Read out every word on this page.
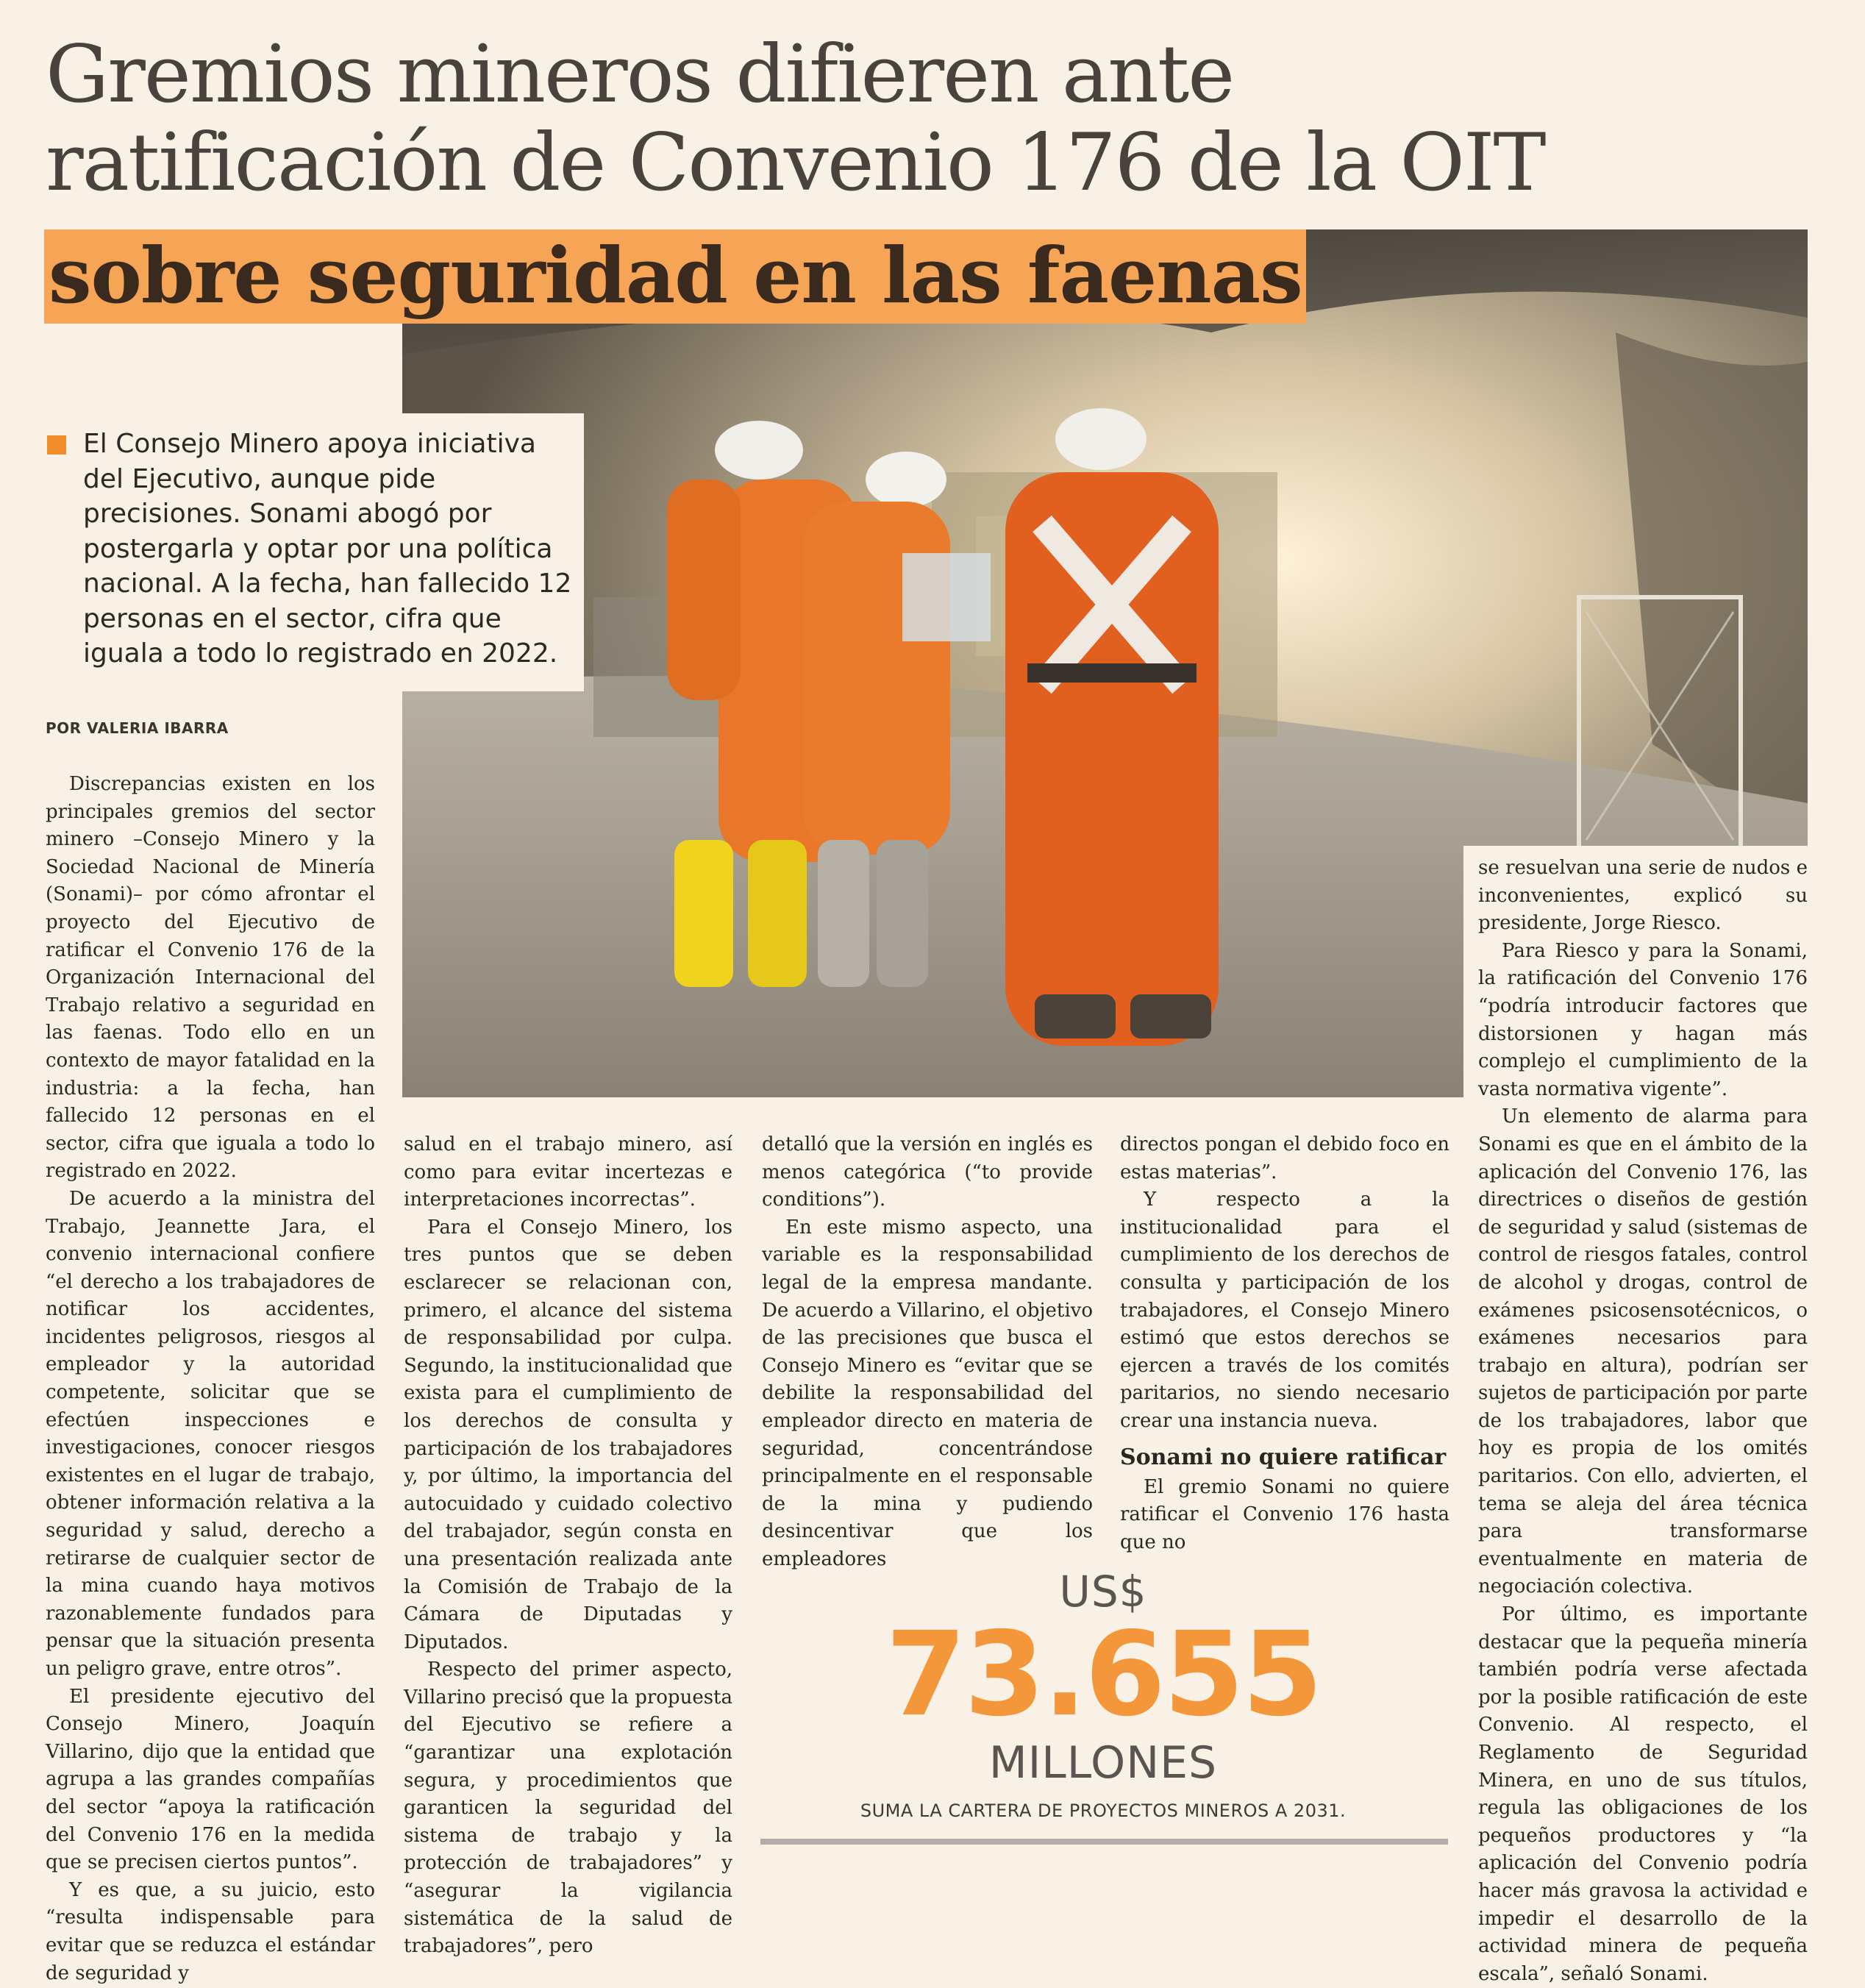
Gremios mineros difieren ante
ratificación de Convenio 176 de la OIT
sobre seguridad en las faenas
El Consejo Minero apoya iniciativa del Ejecutivo, aunque pide precisiones. Sonami abogó por postergarla y optar por una política nacional. A la fecha, han fallecido 12 personas en el sector, cifra que iguala a todo lo registrado en 2022.
POR VALERIA IBARRA

Discrepancias existen en los principales gremios del sector minero –Consejo Minero y la Sociedad Nacional de Minería (Sonami)– por cómo afrontar el proyecto del Ejecutivo de ratificar el Convenio 176 de la Organización Internacional del Trabajo relativo a seguridad en las faenas. Todo ello en un contexto de mayor fatalidad en la industria: a la fecha, han fallecido 12 personas en el sector, cifra que iguala a todo lo registrado en 2022.

De acuerdo a la ministra del Trabajo, Jeannette Jara, el convenio internacional confiere “el derecho a los trabajadores de notificar los accidentes, incidentes peligrosos, riesgos al empleador y la autoridad competente, solicitar que se efectúen inspecciones e investigaciones, conocer riesgos existentes en el lugar de trabajo, obtener información relativa a la seguridad y salud, derecho a retirarse de cualquier sector de la mina cuando haya motivos razonablemente fundados para pensar que la situación presenta un peligro grave, entre otros”.

El presidente ejecutivo del Consejo Minero, Joaquín Villarino, dijo que la entidad que agrupa a las grandes compañías del sector “apoya la ratificación del Convenio 176 en la medida que se precisen ciertos puntos”.

Y es que, a su juicio, esto “resulta indispensable para evitar que se reduzca el estándar de seguridad y

salud en el trabajo minero, así como para evitar incertezas e interpretaciones incorrectas”.

Para el Consejo Minero, los tres puntos que se deben esclarecer se relacionan con, primero, el alcance del sistema de responsabilidad por culpa. Segundo, la institucionalidad que exista para el cumplimiento de los derechos de consulta y participación de los trabajadores y, por último, la importancia del autocuidado y cuidado colectivo del trabajador, según consta en una presentación realizada ante la Comisión de Trabajo de la Cámara de Diputadas y Diputados.

Respecto del primer aspecto, Villarino precisó que la propuesta del Ejecutivo se refiere a “garantizar una explotación segura, y procedimientos que garanticen la seguridad del sistema de trabajo y la protección de trabajadores” y “asegurar la vigilancia sistemática de la salud de trabajadores”, pero

detalló que la versión en inglés es menos categórica (“to provide conditions”).

En este mismo aspecto, una variable es la responsabilidad legal de la empresa mandante. De acuerdo a Villarino, el objetivo de las precisiones que busca el Consejo Minero es “evitar que se debilite la responsabilidad del empleador directo en materia de seguridad, concentrándose principalmente en el responsable de la mina y pudiendo desincentivar que los empleadores

directos pongan el debido foco en estas materias”.

Y respecto a la institucionalidad para el cumplimiento de los derechos de consulta y participación de los trabajadores, el Consejo Minero estimó que estos derechos se ejercen a través de los comités paritarios, no siendo necesario crear una instancia nueva.

Sonami no quiere ratificar

El gremio Sonami no quiere ratificar el Convenio 176 hasta que no

se resuelvan una serie de nudos e inconvenientes, explicó su presidente, Jorge Riesco.

Para Riesco y para la Sonami, la ratificación del Convenio 176 “podría introducir factores que distorsionen y hagan más complejo el cumplimiento de la vasta normativa vigente”.

Un elemento de alarma para Sonami es que en el ámbito de la aplicación del Convenio 176, las directrices o diseños de gestión de seguridad y salud (sistemas de control de riesgos fatales, control de alcohol y drogas, control de exámenes psicosensotécnicos, o exámenes necesarios para trabajo en altura), podrían ser sujetos de participación por parte de los trabajadores, labor que hoy es propia de los omités paritarios. Con ello, advierten, el tema se aleja del área técnica para transformarse eventualmente en materia de negociación colectiva.

Por último, es importante destacar que la pequeña minería también podría verse afectada por la posible ratificación de este Convenio. Al respecto, el Reglamento de Seguridad Minera, en uno de sus títulos, regula las obligaciones de los pequeños productores y “la aplicación del Convenio podría hacer más gravosa la actividad e impedir el desarrollo de la actividad minera de pequeña escala”, señaló Sonami.

US$
73.655
MILLONES
SUMA LA CARTERA DE PROYECTOS MINEROS A 2031.
